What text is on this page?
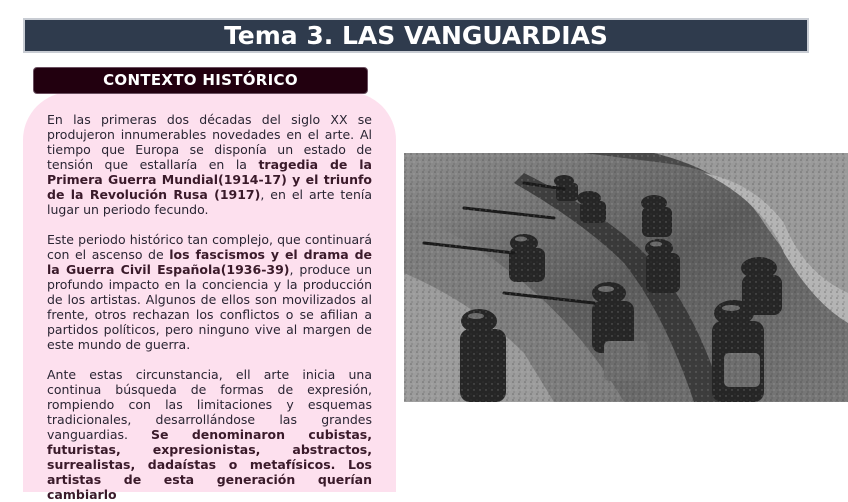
Tema 3. LAS VANGUARDIAS
CONTEXTO HISTÓRICO

En las primeras dos décadas del siglo XX se produjeron innumerables novedades en el arte. Al tiempo que Europa se disponía un estado de tensión que estallaría en la tragedia de la Primera Guerra Mundial(1914-17) y el triunfo de la Revolución Rusa (1917), en el arte tenía lugar un periodo fecundo.

Este periodo histórico tan complejo, que continuará con el ascenso de los fascismos y el drama de la Guerra Civil Española(1936-39), produce un profundo impacto en la conciencia y la producción de los artistas. Algunos de ellos son movilizados al frente, otros rechazan los conflictos o se afilian a partidos políticos, pero ninguno vive al margen de este mundo de guerra.

Ante estas circunstancia, ell arte inicia una continua búsqueda de formas de expresión, rompiendo con las limitaciones y esquemas tradicionales, desarrollándose las grandes vanguardias. Se denominaron cubistas, futuristas, expresionistas, abstractos, surrealistas, dadaístas o metafísicos. Los artistas de esta generación querían cambiarlo
